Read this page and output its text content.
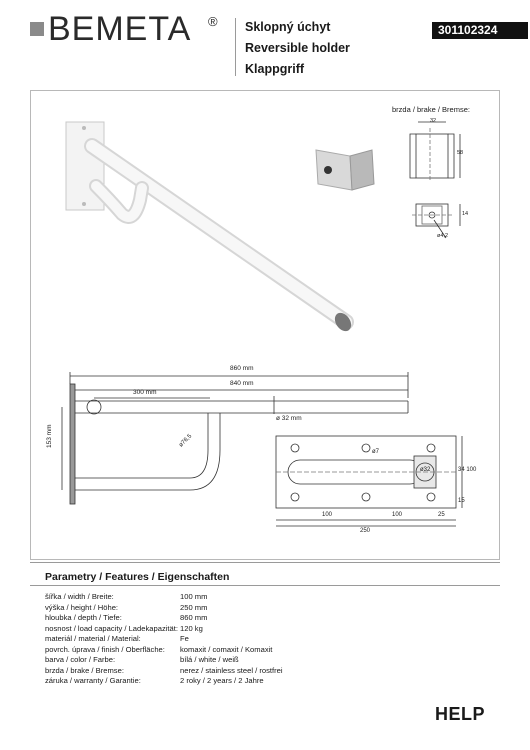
BEMETA ® Sklopný úchyt
Reversible holder
Klappgriff
301102324
brzda / brake / Bremse:
32
58
14
ø4,2
860 mm
840 mm
300 mm
ø 32 mm
153 mm	ø76,5
ø7
ø32	34 100
15
100	100	25
250
Parametry / Features / Eigenschaften
šířka / width / Breite:	100 mm
výška / height / Höhe:	250 mm
hloubka / depth / Tiefe:	860 mm
nosnost / load capacity / Ladekapazität: 120 kg
materiál / material / Material:	Fe
povrch. úprava / finish / Oberfläche: komaxit / comaxit / Komaxit
barva / color / Farbe:	bílá / white / weiß
brzda / brake / Bremse:	nerez / stainless steel / rostfrei
záruka / warranty / Garantie:	2 roky / 2 years / 2 Jahre
HELP
